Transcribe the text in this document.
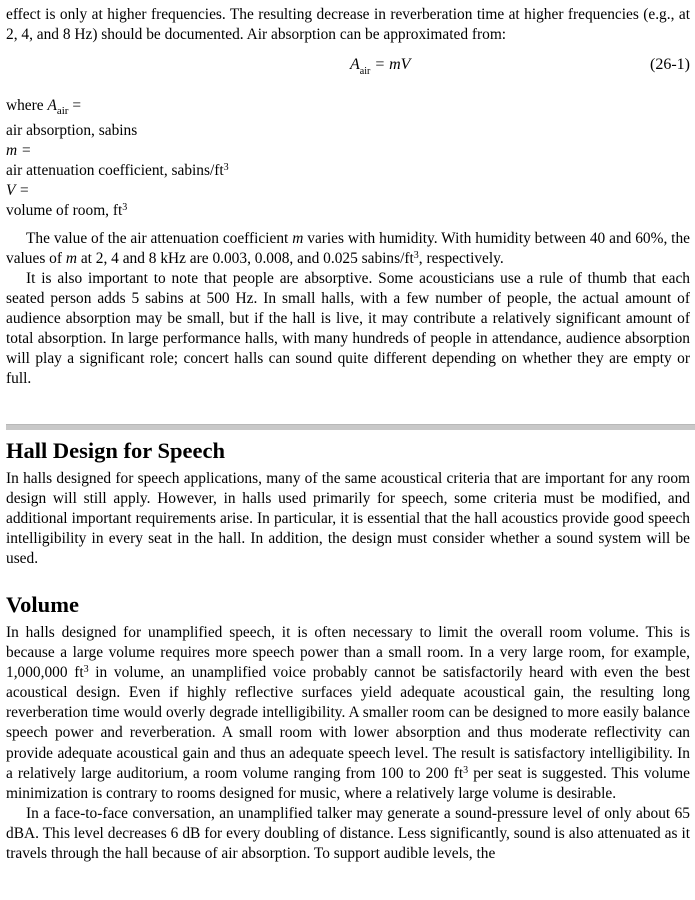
effect is only at higher frequencies. The resulting decrease in reverberation time at higher frequencies (e.g., at 2, 4, and 8 Hz) should be documented. Air absorption can be approximated from:

$A_{air}$ = mV	(26-1)

where $A_{air}$ =

air absorption, sabins

m =

air attenuation coefficient, sabins/$ft^3$

V =

volume of room, $ft^3$

The value of the air attenuation coefficient m varies with humidity. With humidity between 40 and 60%, the values of m at 2, 4 and 8 kHz are 0.003, 0.008, and 0.025 sabins/$ft^3$, respectively.

It is also important to note that people are absorptive. Some acousticians use a rule of thumb that each seated person adds 5 sabins at 500 Hz. In small halls, with a few number of people, the actual amount of audience absorption may be small, but if the hall is live, it may contribute a relatively significant amount of total absorption. In large performance halls, with many hundreds of people in attendance, audience absorption will play a significant role; concert halls can sound quite different depending on whether they are empty or full.

Hall Design for Speech

In halls designed for speech applications, many of the same acoustical criteria that are important for any room design will still apply. However, in halls used primarily for speech, some criteria must be modified, and additional important requirements arise. In particular, it is essential that the hall acoustics provide good speech intelligibility in every seat in the hall. In addition, the design must consider whether a sound system will be used.

Volume

In halls designed for unamplified speech, it is often necessary to limit the overall room volume. This is because a large volume requires more speech power than a small room. In a very large room, for example, 1,000,000 $ft^3$ in volume, an unamplified voice probably cannot be satisfactorily heard with even the best acoustical design. Even if highly reflective surfaces yield adequate acoustical gain, the resulting long reverberation time would overly degrade intelligibility. A smaller room can be designed to more easily balance speech power and reverberation. A small room with lower absorption and thus moderate reflectivity can provide adequate acoustical gain and thus an adequate speech level. The result is satisfactory intelligibility. In a relatively large auditorium, a room volume ranging from 100 to 200 $ft^3$ per seat is suggested. This volume minimization is contrary to rooms designed for music, where a relatively large volume is desirable.

In a face-to-face conversation, an unamplified talker may generate a sound-pressure level of only about 65 dBA. This level decreases 6 dB for every doubling of distance. Less significantly, sound is also attenuated as it travels through the hall because of air absorption. To support audible levels, the
